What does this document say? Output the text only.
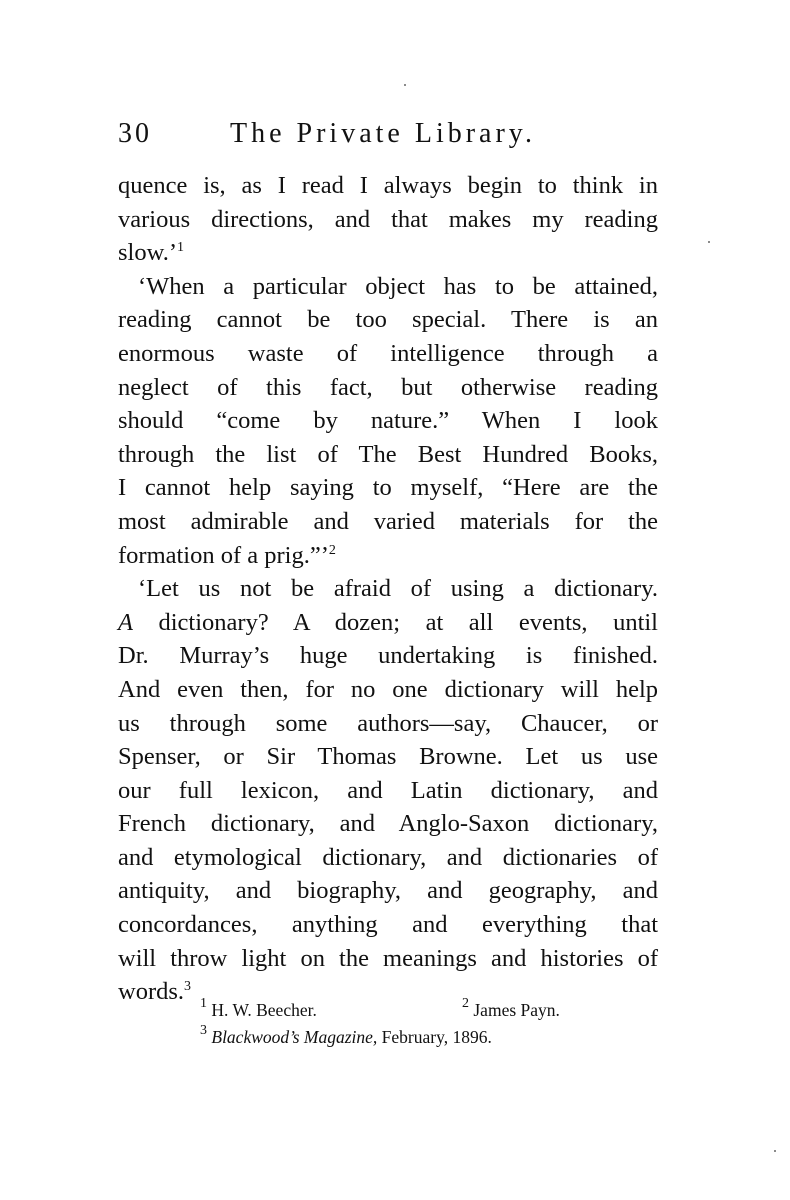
30	The Private Library.
quence is, as I read I always begin to think in
various directions, and that makes my reading
slow.’$^1$
‘When a particular object has to be attained,
reading cannot be too special. There is an
enormous waste of intelligence through a
neglect of this fact, but otherwise reading
should “come by nature.” When I look
through the list of The Best Hundred Books,
I cannot help saying to myself, “Here are the
most admirable and varied materials for the
formation of a prig.”’$^2$
‘Let us not be afraid of using a dictionary.
A dictionary? A dozen; at all events, until
Dr. Murray’s huge undertaking is finished.
And even then, for no one dictionary will help
us through some authors—say, Chaucer, or
Spenser, or Sir Thomas Browne. Let us use
our full lexicon, and Latin dictionary, and
French dictionary, and Anglo-Saxon dictionary,
and etymological dictionary, and dictionaries of
antiquity, and biography, and geography, and
concordances, anything and everything that
will throw light on the meanings and histories of
words.$^3$
$^1$ H. W. Beecher.	$^2$ James Payn.
$^3$ Blackwood’s Magazine, February, 1896.
